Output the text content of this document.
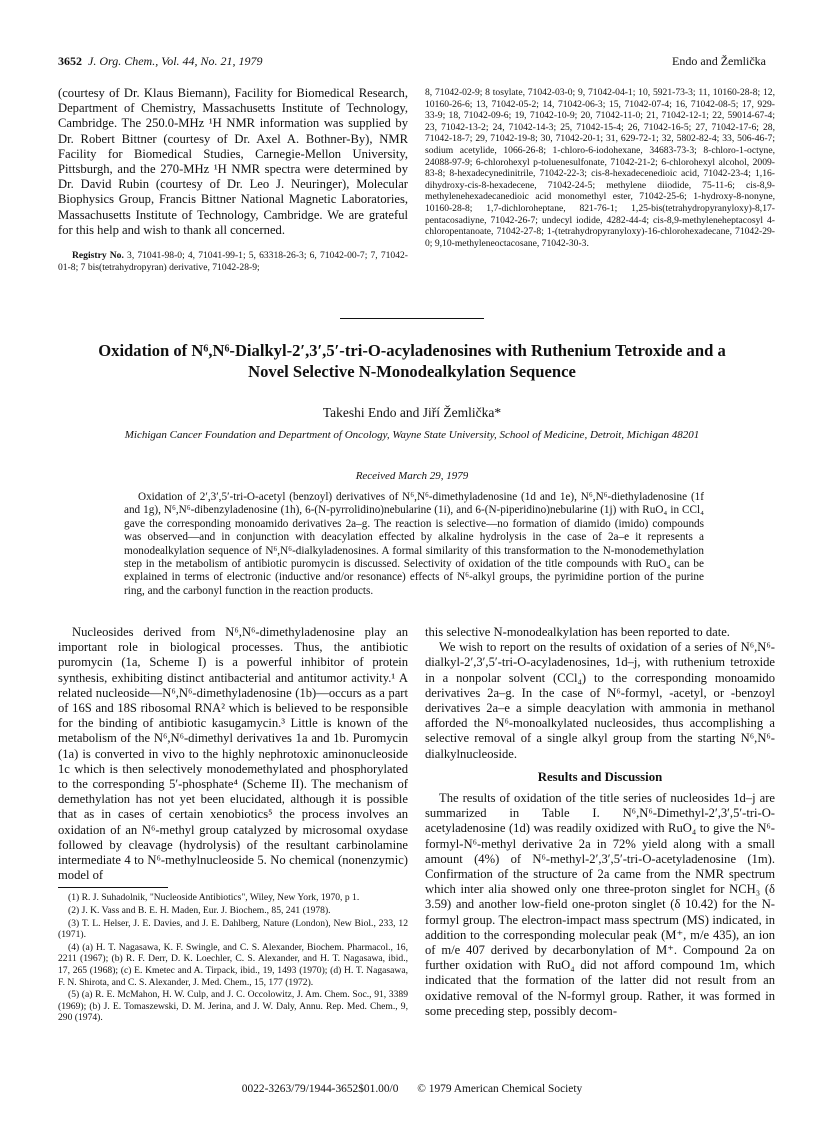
3652 J. Org. Chem., Vol. 44, No. 21, 1979	Endo and Žemlička

(courtesy of Dr. Klaus Biemann), Facility for Biomedical Research, Department of Chemistry, Massachusetts Institute of Technology, Cambridge. The 250.0-MHz ¹H NMR information was supplied by Dr. Robert Bittner (courtesy of Dr. Axel A. Bothner-By), NMR Facility for Biomedical Studies, Carnegie-Mellon University, Pittsburgh, and the 270-MHz ¹H NMR spectra were determined by Dr. David Rubin (courtesy of Dr. Leo J. Neuringer), Molecular Biophysics Group, Francis Bittner National Magnetic Laboratories, Massachusetts Institute of Technology, Cambridge. We are grateful for this help and wish to thank all concerned.

Registry No. 3, 71041-98-0; 4, 71041-99-1; 5, 63318-26-3; 6, 71042-00-7; 7, 71042-01-8; 7 bis(tetrahydropyran) derivative, 71042-28-9;

8, 71042-02-9; 8 tosylate, 71042-03-0; 9, 71042-04-1; 10, 5921-73-3; 11, 10160-28-8; 12, 10160-26-6; 13, 71042-05-2; 14, 71042-06-3; 15, 71042-07-4; 16, 71042-08-5; 17, 929-33-9; 18, 71042-09-6; 19, 71042-10-9; 20, 71042-11-0; 21, 71042-12-1; 22, 59014-67-4; 23, 71042-13-2; 24, 71042-14-3; 25, 71042-15-4; 26, 71042-16-5; 27, 71042-17-6; 28, 71042-18-7; 29, 71042-19-8; 30, 71042-20-1; 31, 629-72-1; 32, 5802-82-4; 33, 506-46-7; sodium acetylide, 1066-26-8; 1-chloro-6-iodohexane, 34683-73-3; 8-chloro-1-octyne, 24088-97-9; 6-chlorohexyl p-toluenesulfonate, 71042-21-2; 6-chlorohexyl alcohol, 2009-83-8; 8-hexadecynedinitrile, 71042-22-3; cis-8-hexadecenedioic acid, 71042-23-4; 1,16-dihydroxy-cis-8-hexadecene, 71042-24-5; methylene diiodide, 75-11-6; cis-8,9-methylenehexadecanedioic acid monomethyl ester, 71042-25-6; 1-hydroxy-8-nonyne, 10160-28-8; 1,7-dichloroheptane, 821-76-1; 1,25-bis(tetrahydropyranyloxy)-8,17-pentacosadiyne, 71042-26-7; undecyl iodide, 4282-44-4; cis-8,9-methyleneheptacosyl 4-chloropentanoate, 71042-27-8; 1-(tetrahydropyranyloxy)-16-chlorohexadecane, 71042-29-0; 9,10-methyleneoctacosane, 71042-30-3.
Oxidation of N⁶,N⁶-Dialkyl-2′,3′,5′-tri-O-acyladenosines with Ruthenium Tetroxide and a Novel Selective N-Monodealkylation Sequence
Takeshi Endo and Jiří Žemlička*
Michigan Cancer Foundation and Department of Oncology, Wayne State University, School of Medicine, Detroit, Michigan 48201
Received March 29, 1979
Oxidation of 2′,3′,5′-tri-O-acetyl (benzoyl) derivatives of N⁶,N⁶-dimethyladenosine (1d and 1e), N⁶,N⁶-diethyladenosine (1f and 1g), N⁶,N⁶-dibenzyladenosine (1h), 6-(N-pyrrolidino)nebularine (1i), and 6-(N-piperidino)nebularine (1j) with RuO₄ in CCl₄ gave the corresponding monoamido derivatives 2a–g. The reaction is selective—no formation of diamido (imido) compounds was observed—and in conjunction with deacylation effected by alkaline hydrolysis in the case of 2a–e it represents a monodealkylation sequence of N⁶,N⁶-dialkyladenosines. A formal similarity of this transformation to the N-monodemethylation step in the metabolism of antibiotic puromycin is discussed. Selectivity of oxidation of the title compounds with RuO₄ can be explained in terms of electronic (inductive and/or resonance) effects of N⁶-alkyl groups, the pyrimidine portion of the purine ring, and the carbonyl function in the reaction products.

Nucleosides derived from N⁶,N⁶-dimethyladenosine play an important role in biological processes. Thus, the antibiotic puromycin (1a, Scheme I) is a powerful inhibitor of protein synthesis, exhibiting distinct antibacterial and antitumor activity.¹ A related nucleoside—N⁶,N⁶-dimethyladenosine (1b)—occurs as a part of 16S and 18S ribosomal RNA² which is believed to be responsible for the binding of antibiotic kasugamycin.³ Little is known of the metabolism of the N⁶,N⁶-dimethyl derivatives 1a and 1b. Puromycin (1a) is converted in vivo to the highly nephrotoxic aminonucleoside 1c which is then selectively monodemethylated and phosphorylated to the corresponding 5′-phosphate⁴ (Scheme II). The mechanism of demethylation has not yet been elucidated, although it is possible that as in cases of certain xenobiotics⁵ the process involves an oxidation of an N⁶-methyl group catalyzed by microsomal oxydase followed by cleavage (hydrolysis) of the resultant carbinolamine intermediate 4 to N⁶-methylnucleoside 5. No chemical (nonenzymic) model of

(1) R. J. Suhadolnik, "Nucleoside Antibiotics", Wiley, New York, 1970, p 1.

(2) J. K. Vass and B. E. H. Maden, Eur. J. Biochem., 85, 241 (1978).

(3) T. L. Helser, J. E. Davies, and J. E. Dahlberg, Nature (London), New Biol., 233, 12 (1971).

(4) (a) H. T. Nagasawa, K. F. Swingle, and C. S. Alexander, Biochem. Pharmacol., 16, 2211 (1967); (b) R. F. Derr, D. K. Loechler, C. S. Alexander, and H. T. Nagasawa, ibid., 17, 265 (1968); (c) E. Kmetec and A. Tirpack, ibid., 19, 1493 (1970); (d) H. T. Nagasawa, F. N. Shirota, and C. S. Alexander, J. Med. Chem., 15, 177 (1972).

(5) (a) R. E. McMahon, H. W. Culp, and J. C. Occolowitz, J. Am. Chem. Soc., 91, 3389 (1969); (b) J. E. Tomaszewski, D. M. Jerina, and J. W. Daly, Annu. Rep. Med. Chem., 9, 290 (1974).

this selective N-monodealkylation has been reported to date.

We wish to report on the results of oxidation of a series of N⁶,N⁶-dialkyl-2′,3′,5′-tri-O-acyladenosines, 1d–j, with ruthenium tetroxide in a nonpolar solvent (CCl₄) to the corresponding monoamido derivatives 2a–g. In the case of N⁶-formyl, -acetyl, or -benzoyl derivatives 2a–e a simple deacylation with ammonia in methanol afforded the N⁶-monoalkylated nucleosides, thus accomplishing a selective removal of a single alkyl group from the starting N⁶,N⁶-dialkylnucleoside.

Results and Discussion

The results of oxidation of the title series of nucleosides 1d–j are summarized in Table I. N⁶,N⁶-Dimethyl-2′,3′,5′-tri-O-acetyladenosine (1d) was readily oxidized with RuO₄ to give the N⁶-formyl-N⁶-methyl derivative 2a in 72% yield along with a small amount (4%) of N⁶-methyl-2′,3′,5′-tri-O-acetyladenosine (1m). Confirmation of the structure of 2a came from the NMR spectrum which inter alia showed only one three-proton singlet for NCH₃ (δ 3.59) and another low-field one-proton singlet (δ 10.42) for the N-formyl group. The electron-impact mass spectrum (MS) indicated, in addition to the corresponding molecular peak (M⁺, m/e 435), an ion of m/e 407 derived by decarbonylation of M⁺. Compound 2a on further oxidation with RuO₄ did not afford compound 1m, which indicated that the formation of the latter did not result from an oxidative removal of the N-formyl group. Rather, it was formed in some preceding step, possibly decom-

0022-3263/79/1944-3652$01.00/0 © 1979 American Chemical Society
